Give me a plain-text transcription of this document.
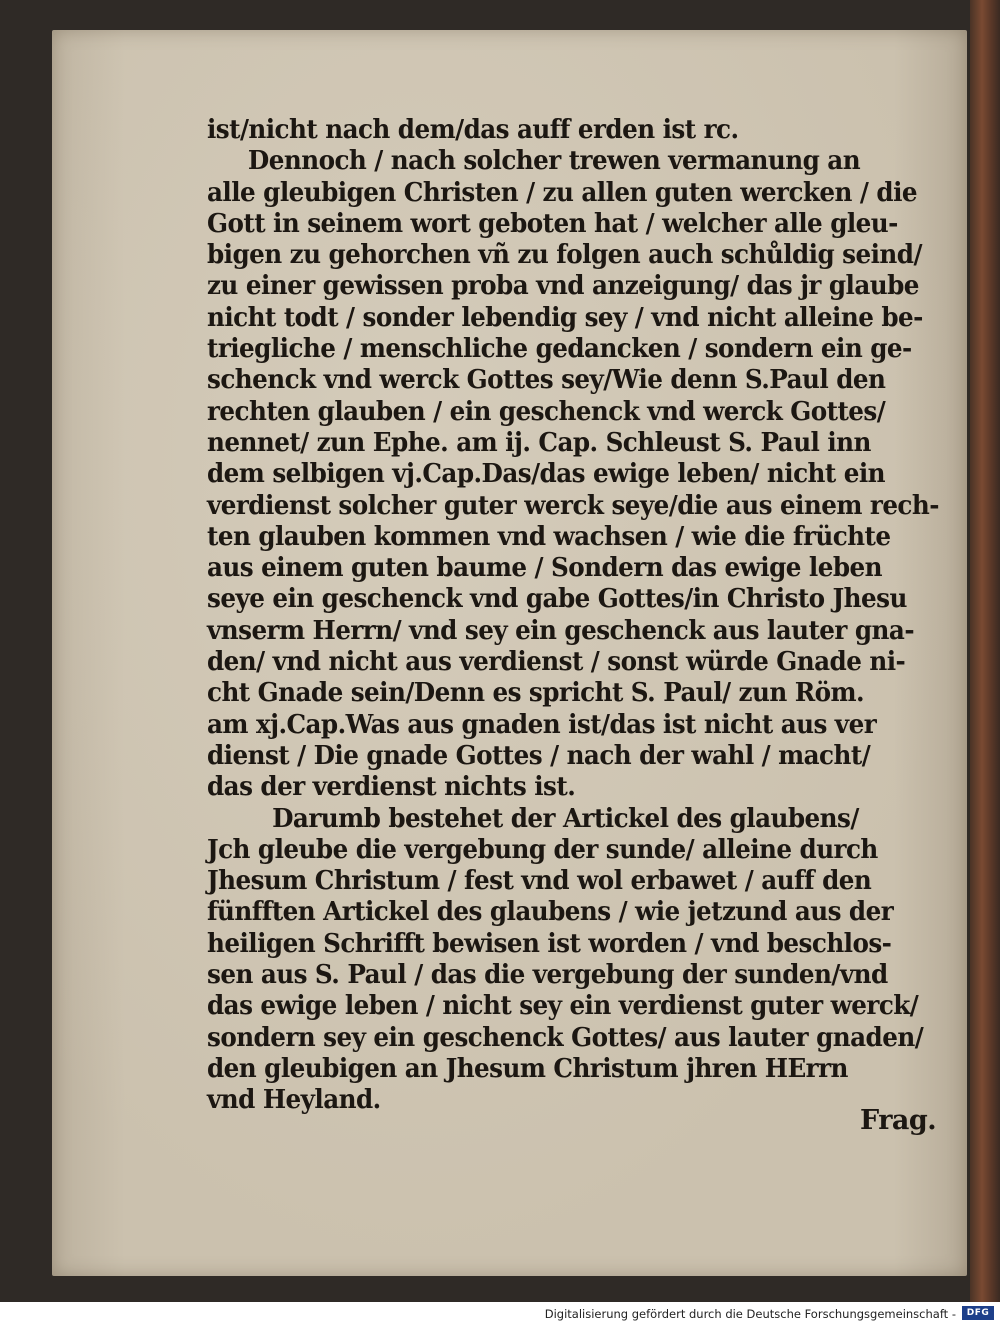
ist/nicht nach dem/das auff erden ist rc.
Dennoch / nach solcher trewen vermanung an
alle gleubigen Christen / zu allen guten wercken / die
Gott in seinem wort geboten hat / welcher alle gleu-
bigen zu gehorchen vñ zu folgen auch schůldig seind/
zu einer gewissen proba vnd anzeigung/ das jr glaube
nicht todt / sonder lebendig sey / vnd nicht alleine be-
triegliche / menschliche gedancken / sondern ein ge-
schenck vnd werck Gottes sey/Wie denn S.Paul den
rechten glauben / ein geschenck vnd werck Gottes/
nennet/ zun Ephe. am ij. Cap. Schleust S. Paul inn
dem selbigen vj.Cap.Das/das ewige leben/ nicht ein
verdienst solcher guter werck seye/die aus einem rech-
ten glauben kommen vnd wachsen / wie die früchte
aus einem guten baume / Sondern das ewige leben
seye ein geschenck vnd gabe Gottes/in Christo Jhesu
vnserm Herrn/ vnd sey ein geschenck aus lauter gna-
den/ vnd nicht aus verdienst / sonst würde Gnade ni-
cht Gnade sein/Denn es spricht S. Paul/ zun Röm.
am xj.Cap.Was aus gnaden ist/das ist nicht aus ver
dienst / Die gnade Gottes / nach der wahl / macht/
das der verdienst nichts ist.
Darumb bestehet der Artickel des glaubens/
Jch gleube die vergebung der sunde/ alleine durch
Jhesum Christum / fest vnd wol erbawet / auff den
fünfften Artickel des glaubens / wie jetzund aus der
heiligen Schrifft bewisen ist worden / vnd beschlos-
sen aus S. Paul / das die vergebung der sunden/vnd
das ewige leben / nicht sey ein verdienst guter werck/
sondern sey ein geschenck Gottes/ aus lauter gnaden/
den gleubigen an Jhesum Christum jhren HErrn
vnd Heyland.
Frag.
Digitalisierung gefördert durch die Deutsche Forschungsgemeinschaft -	DFG
